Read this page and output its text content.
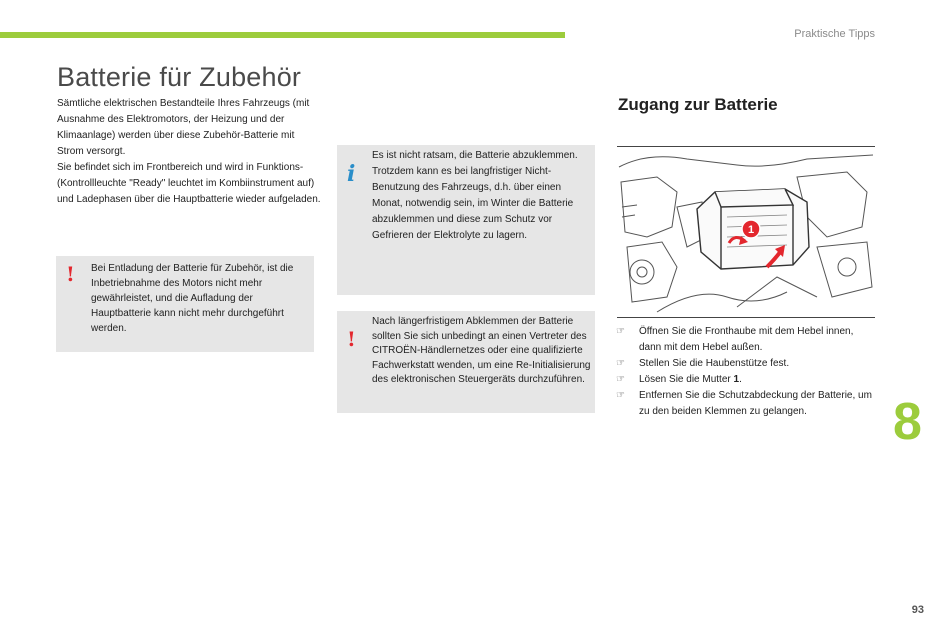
Praktische Tipps
Batterie für Zubehör

Sämtliche elektrischen Bestandteile Ihres Fahrzeugs (mit Ausnahme des Elektromotors, der Heizung und der Klimaanlage) werden über diese Zubehör-Batterie mit Strom versorgt.

Sie befindet sich im Frontbereich und wird in Funktions- (Kontrollleuchte "Ready" leuchtet im Kombiinstrument auf) und Ladephasen über die Hauptbatterie wieder aufgeladen.

! Bei Entladung der Batterie für Zubehör, ist die Inbetriebnahme des Motors nicht mehr gewährleistet, und die Aufladung der Hauptbatterie kann nicht mehr durchgeführt werden.

i

Es ist nicht ratsam, die Batterie abzuklemmen.

Trotzdem kann es bei langfristiger Nicht-Benutzung des Fahrzeugs, d.h. über einen Monat, notwendig sein, im Winter die Batterie abzuklemmen und diese zum Schutz vor Gefrieren der Elektrolyte zu lagern.

!

Nach längerfristigem Abklemmen der Batterie sollten Sie sich unbedingt an einen Vertreter des CITROËN-Händlernetzes oder eine qualifizierte Fachwerkstatt wenden, um eine Re-Initialisierung des elektronischen Steuergeräts durchzuführen.

Zugang zur Batterie
1
☞ Öffnen Sie die Fronthaube mit dem Hebel innen, dann mit dem Hebel außen.
☞ Stellen Sie die Haubenstütze fest.
☞ Lösen Sie die Mutter 1.
☞ Entfernen Sie die Schutzabdeckung der Batterie, um zu den beiden Klemmen zu gelangen.	8
93
